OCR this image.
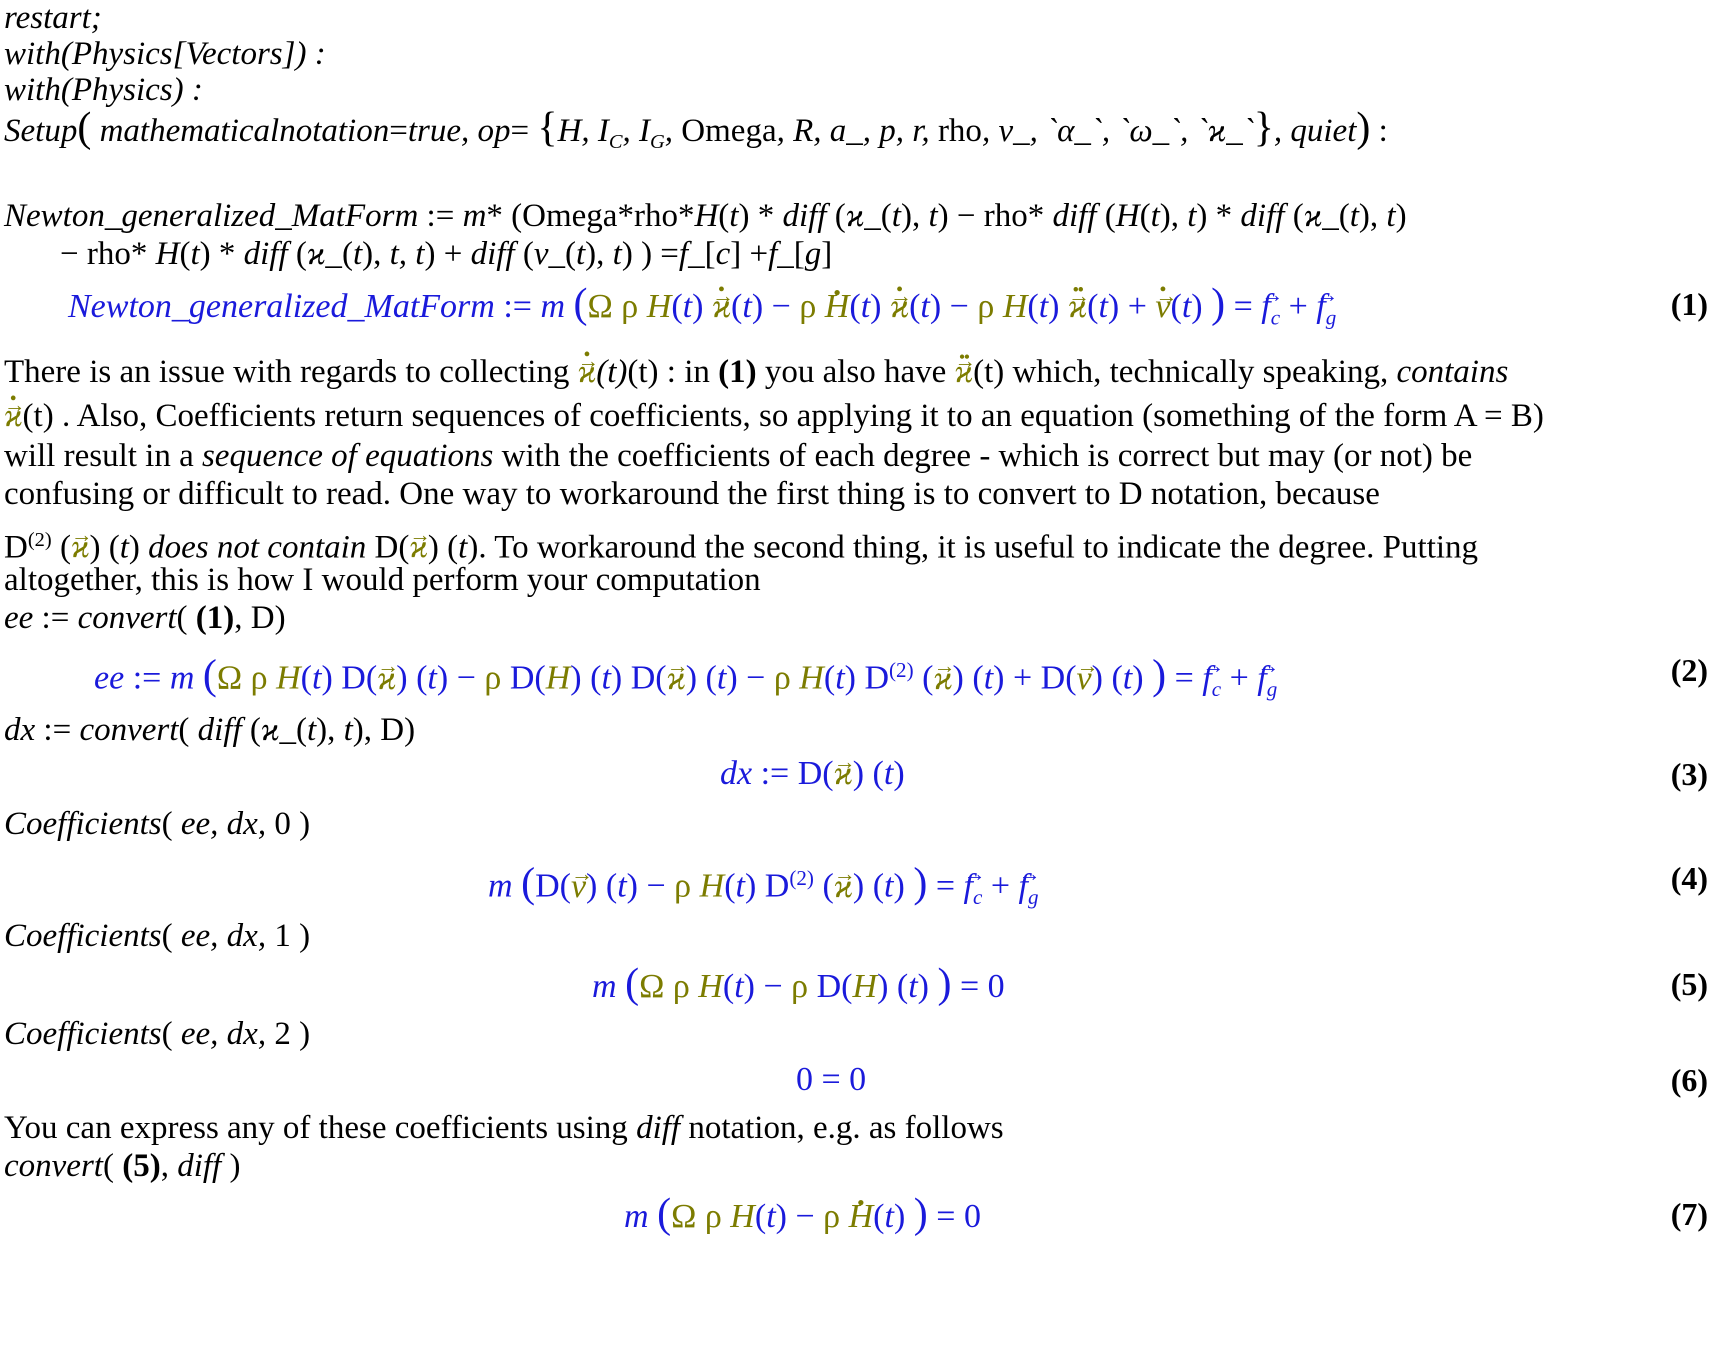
restart;
with(Physics[Vectors]) :
with(Physics) :
Setup( mathematicalnotation=true, op= {H, $I_C$, $I_G$, Omega, R, a_, p, r, rho, v_, `α_`, `ω_`, `ϰ_`}, quiet) :
Newton_generalized_MatForm := m* (Omega*rho*H(t) * diff (ϰ_(t), t) − rho* diff (H(t), t) * diff (ϰ_(t), t)
− rho* H(t) * diff (ϰ_(t), t, t) + diff (v_(t), t) ) =f_[c] +f_[g]
Newton_generalized_MatForm := m (Ω ρ H(t) → ϰ •(t) − ρ H •(t) → ϰ •(t) − ρ H(t) → ϰ ••(t) + → v •(t) ) = → $f_c$ + → $f_g$	(1)
There is an issue with regards to collecting → ϰ •(t)(t) : in (1) you also have → ϰ ••(t) which, technically speaking, contains
→ ϰ •(t) . Also, Coefficients return sequences of coefficients, so applying it to an equation (something of the form A = B)
will result in a sequence of equations with the coefficients of each degree - which is correct but may (or not) be
confusing or difficult to read. One way to workaround the first thing is to convert to D notation, because
$D^{(2)}$ (→ ϰ) (t) does not contain D(→ ϰ) (t). To workaround the second thing, it is useful to indicate the degree. Putting
altogether, this is how I would perform your computation
ee := convert( (1), D)
ee := m (Ω ρ H(t) D(→ ϰ) (t) − ρ D(H) (t) D(→ ϰ) (t) − ρ H(t) $D^{(2)}$ (→ ϰ) (t) + D(→ v) (t) ) = → $f_c$ + → $f_g$
(2)
dx := convert( diff (ϰ_(t), t), D)
dx := D(→ ϰ) (t)	(3)
Coefficients( ee, dx, 0 )
m (D(→ v) (t) − ρ H(t) $D^{(2)}$ (→ ϰ) (t) ) = → $f_c$ + → $f_g$
(4)
Coefficients( ee, dx, 1 )
m (Ω ρ H(t) − ρ D(H) (t) ) = 0	(5)
Coefficients( ee, dx, 2 )
0 = 0	(6)
You can express any of these coefficients using diff notation, e.g. as follows
convert( (5), diff )
m (Ω ρ H(t) − ρ H •(t) ) = 0	(7)
